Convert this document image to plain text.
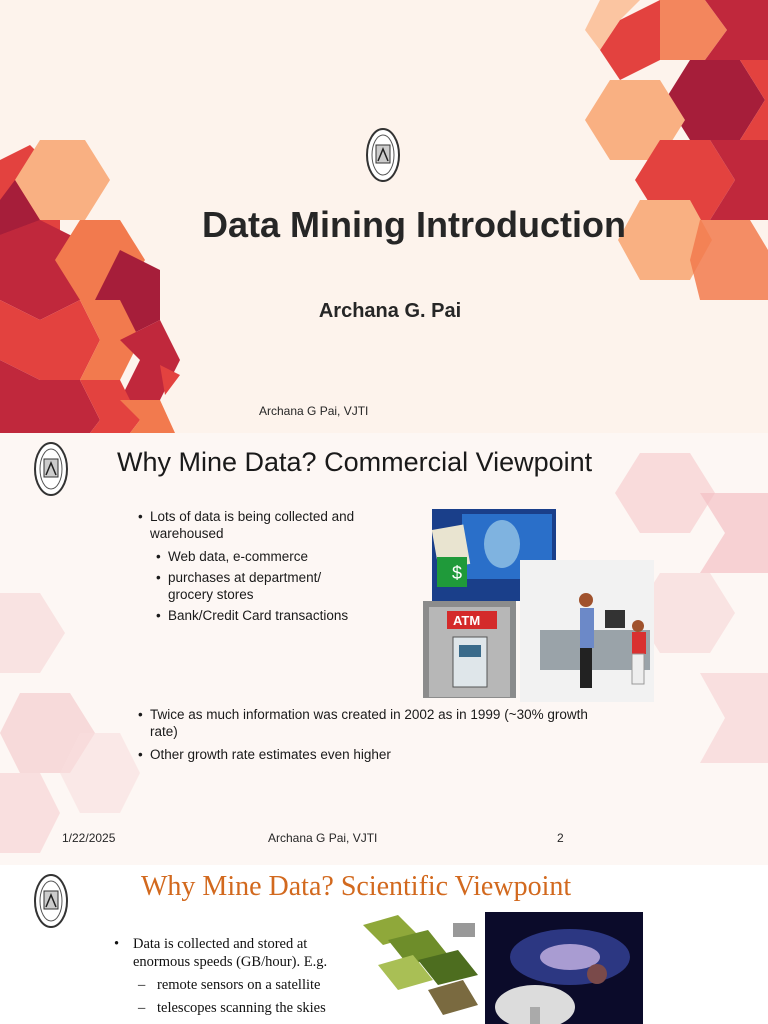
Data Mining Introduction
Archana G. Pai
Archana G Pai, VJTI
Why Mine Data? Commercial Viewpoint
• Lots of data is being collected and warehoused
• Web data, e-commerce
• purchases at department/ grocery stores
• Bank/Credit Card transactions
$
ATM
• Twice as much information was created in 2002 as in 1999 (~30% growth rate)
• Other growth rate estimates even higher
1/22/2025	Archana G Pai, VJTI	2
Why Mine Data? Scientific Viewpoint
• Data is collected and stored at enormous speeds (GB/hour). E.g.
– remote sensors on a satellite
– telescopes scanning the skies
